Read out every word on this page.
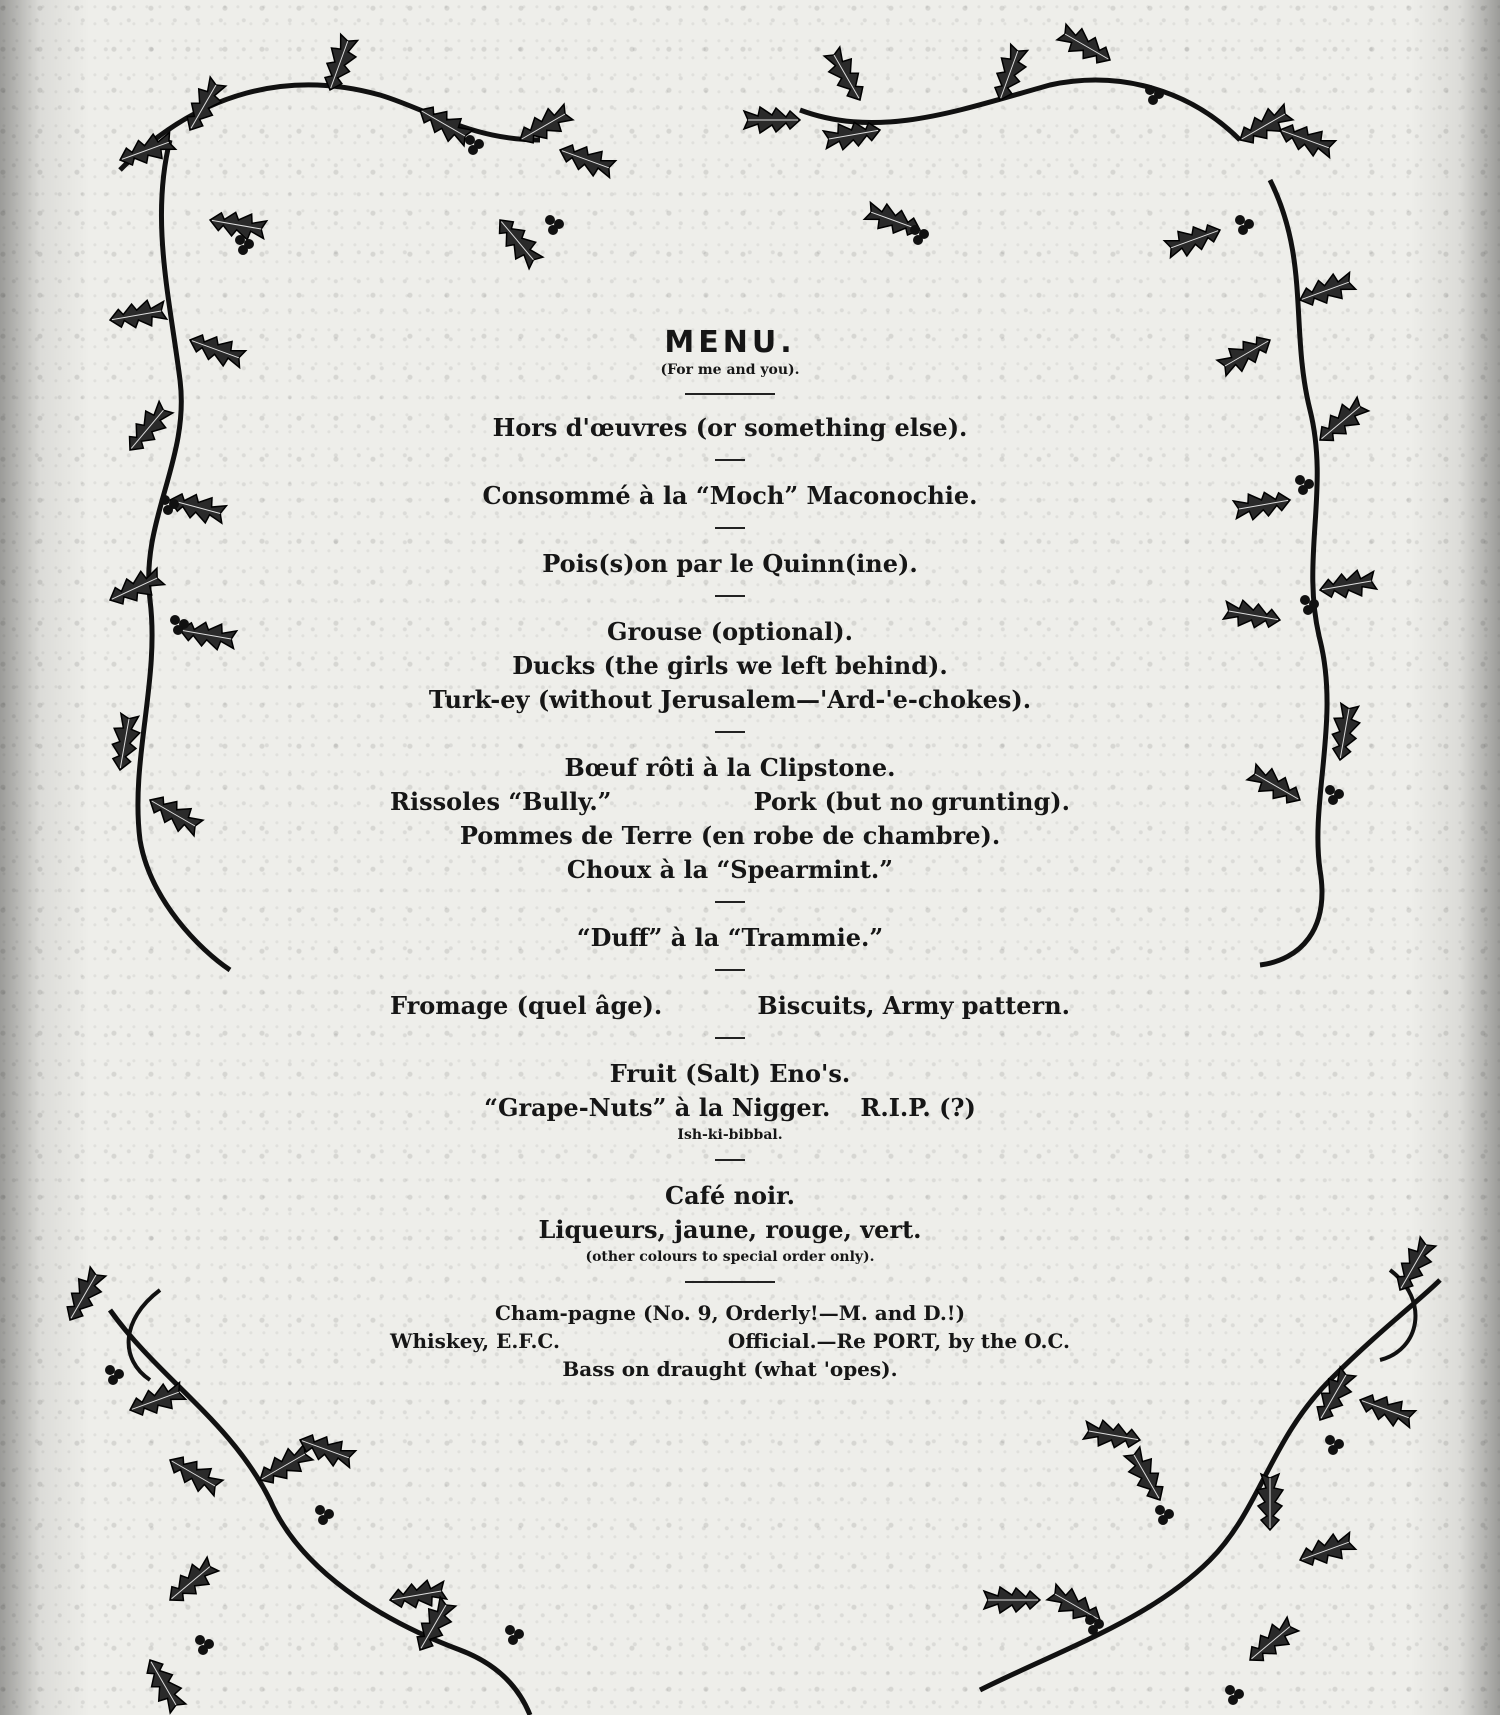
MENU.
(For me and you).
Hors d'œuvres (or something else).
Consommé à la “Moch” Maconochie.
Pois(s)on par le Quinn(ine).
Grouse (optional).
Ducks (the girls we left behind).
Turk-ey (without Jerusalem—'Ard-'e-chokes).
Bœuf rôti à la Clipstone.
Rissoles “Bully.”	Pork (but no grunting).
Pommes de Terre (en robe de chambre).
Choux à la “Spearmint.”
“Duff” à la “Trammie.”
Fromage (quel âge).	Biscuits, Army pattern.
Fruit (Salt) Eno's.
“Grape-Nuts” à la Nigger. R.I.P. (?)
Ish-ki-bibbal.
Café noir.
Liqueurs, jaune, rouge, vert.
(other colours to special order only).
Cham-pagne (No. 9, Orderly!—M. and D.!)
Whiskey, E.F.C.	Official.—Re PORT, by the O.C.
Bass on draught (what 'opes).
